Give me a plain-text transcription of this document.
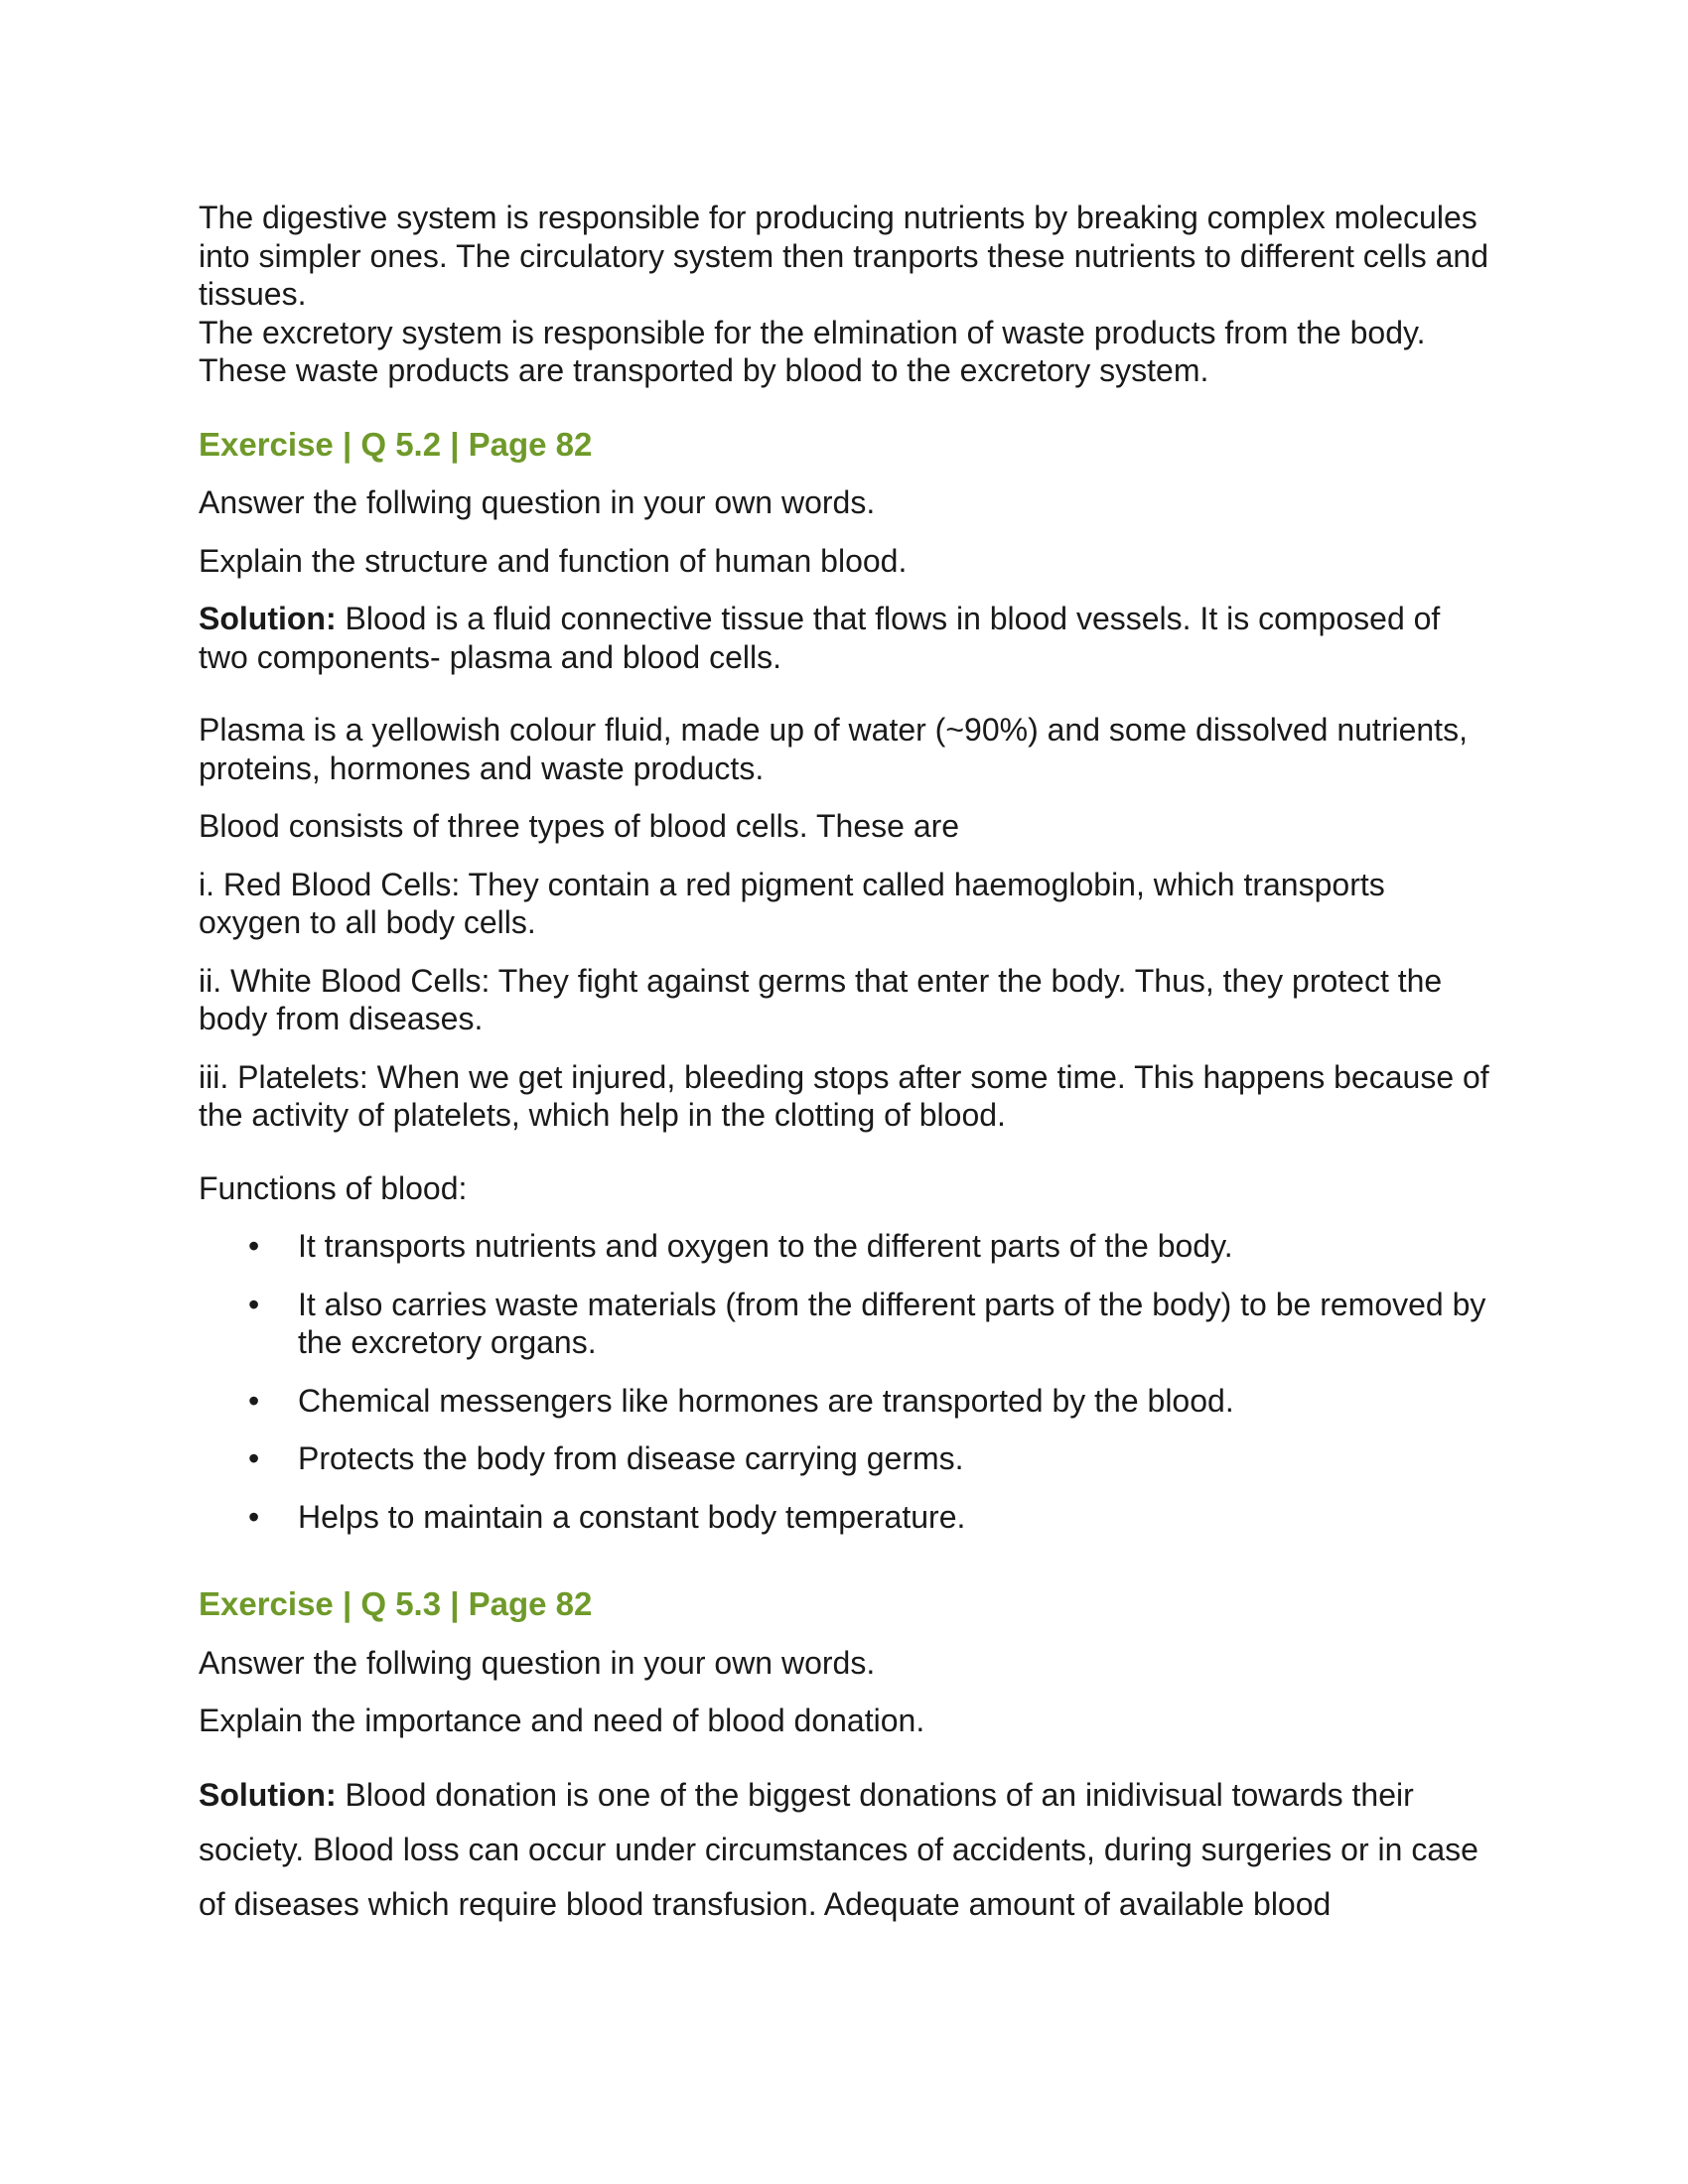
The digestive system is responsible for producing nutrients by breaking complex molecules into simpler ones. The circulatory system then tranports these nutrients to different cells and tissues.

The excretory system is responsible for the elmination of waste products from the body. These waste products are transported by blood to the excretory system.

Exercise | Q 5.2 | Page 82

Answer the follwing question in your own words.

Explain the structure and function of human blood.

Solution: Blood is a fluid connective tissue that flows in blood vessels. It is composed of two components- plasma and blood cells.

Plasma is a yellowish colour fluid, made up of water (~90%) and some dissolved nutrients, proteins, hormones and waste products.

Blood consists of three types of blood cells. These are

i. Red Blood Cells: They contain a red pigment called haemoglobin, which transports oxygen to all body cells.

ii. White Blood Cells: They fight against germs that enter the body. Thus, they protect the body from diseases.

iii. Platelets: When we get injured, bleeding stops after some time. This happens because of the activity of platelets, which help in the clotting of blood.

Functions of blood:

• It transports nutrients and oxygen to the different parts of the body.
• It also carries waste materials (from the different parts of the body) to be removed by the excretory organs.
• Chemical messengers like hormones are transported by the blood.
• Protects the body from disease carrying germs.
• Helps to maintain a constant body temperature.

Exercise | Q 5.3 | Page 82

Answer the follwing question in your own words.

Explain the importance and need of blood donation.

Solution: Blood donation is one of the biggest donations of an inidivisual towards their society. Blood loss can occur under circumstances of accidents, during surgeries or in case of diseases which require blood transfusion. Adequate amount of available blood
